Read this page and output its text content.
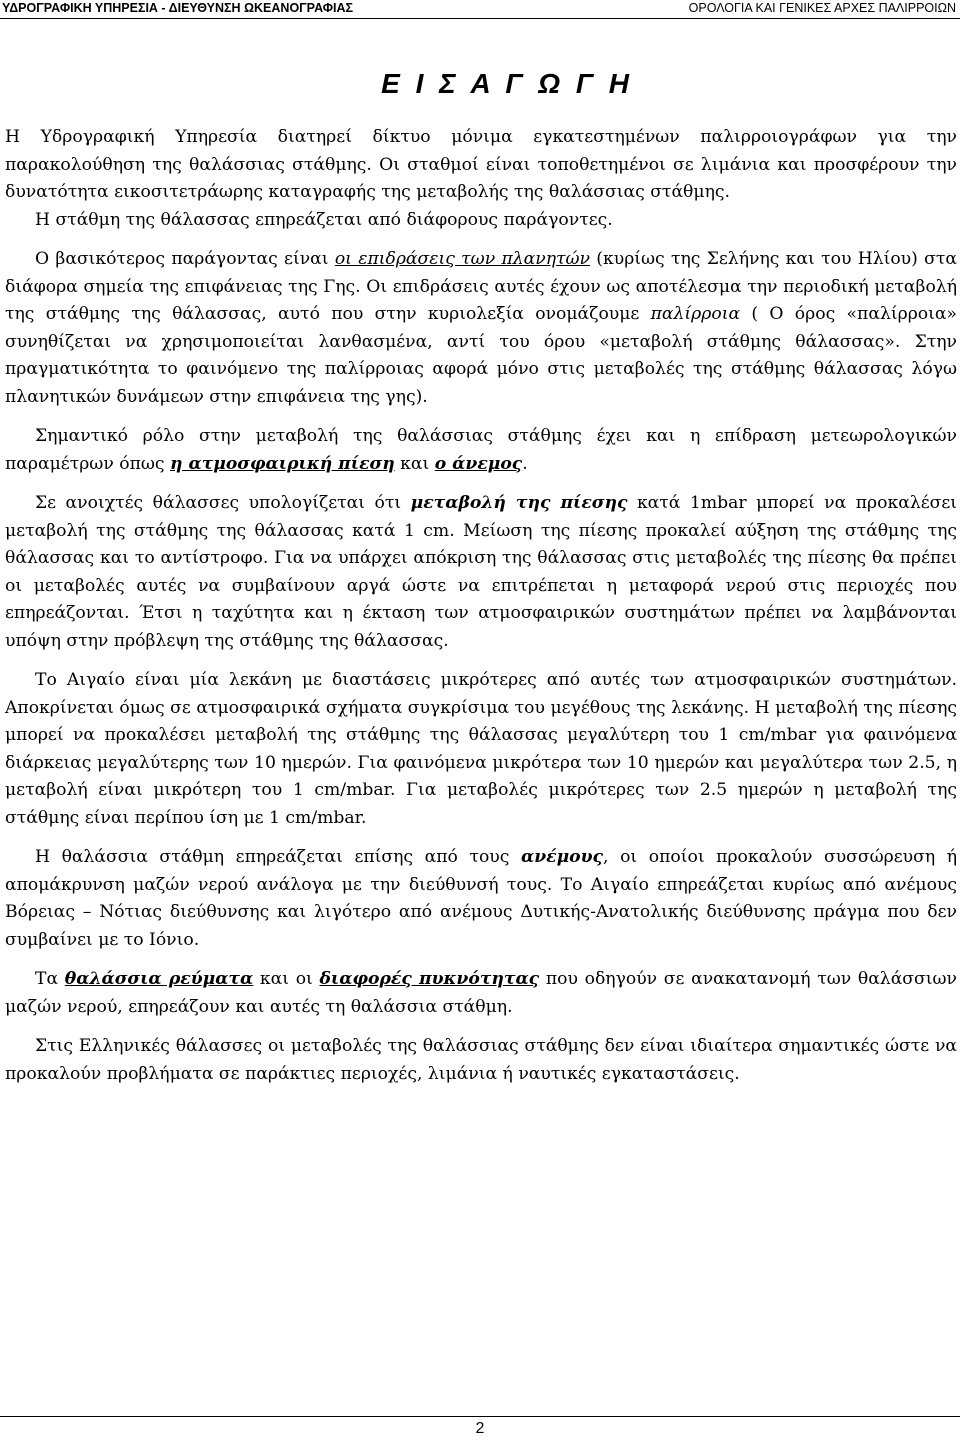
ΥΔΡΟΓΡΑΦΙΚΗ ΥΠΗΡΕΣΙΑ - ΔΙΕΥΘΥΝΣΗ ΩΚΕΑΝΟΓΡΑΦΙΑΣ	ΟΡΟΛΟΓΙΑ ΚΑΙ ΓΕΝΙΚΕΣ ΑΡΧΕΣ ΠΑΛΙΡΡΟΙΩΝ
Ε Ι Σ Α Γ Ω Γ Η

Η Υδρογραφική Υπηρεσία διατηρεί δίκτυο μόνιμα εγκατεστημένων παλιρροιογράφων για την παρακολούθηση της θαλάσσιας στάθμης. Οι σταθμοί είναι τοποθετημένοι σε λιμάνια και προσφέρουν την δυνατότητα εικοσιτετράωρης καταγραφής της μεταβολής της θαλάσσιας στάθμης.

Η στάθμη της θάλασσας επηρεάζεται από διάφορους παράγοντες.

Ο βασικότερος παράγοντας είναι οι επιδράσεις των πλανητών (κυρίως της Σελήνης και του Ηλίου) στα διάφορα σημεία της επιφάνειας της Γης. Οι επιδράσεις αυτές έχουν ως αποτέλεσμα την περιοδική μεταβολή της στάθμης της θάλασσας, αυτό που στην κυριολεξία ονομάζουμε παλίρροια ( Ο όρος «παλίρροια» συνηθίζεται να χρησιμοποιείται λανθασμένα, αντί του όρου «μεταβολή στάθμης θάλασσας». Στην πραγματικότητα το φαινόμενο της παλίρροιας αφορά μόνο στις μεταβολές της στάθμης θάλασσας λόγω πλανητικών δυνάμεων στην επιφάνεια της γης).

Σημαντικό ρόλο στην μεταβολή της θαλάσσιας στάθμης έχει και η επίδραση μετεωρολογικών παραμέτρων όπως η ατμοσφαιρική πίεση και ο άνεμος.

Σε ανοιχτές θάλασσες υπολογίζεται ότι μεταβολή της πίεσης κατά 1mbar μπορεί να προκαλέσει μεταβολή της στάθμης της θάλασσας κατά 1 cm. Μείωση της πίεσης προκαλεί αύξηση της στάθμης της θάλασσας και το αντίστροφο. Για να υπάρχει απόκριση της θάλασσας στις μεταβολές της πίεσης θα πρέπει οι μεταβολές αυτές να συμβαίνουν αργά ώστε να επιτρέπεται η μεταφορά νερού στις περιοχές που επηρεάζονται. Έτσι η ταχύτητα και η έκταση των ατμοσφαιρικών συστημάτων πρέπει να λαμβάνονται υπόψη στην πρόβλεψη της στάθμης της θάλασσας.

Το Αιγαίο είναι μία λεκάνη με διαστάσεις μικρότερες από αυτές των ατμοσφαιρικών συστημάτων. Αποκρίνεται όμως σε ατμοσφαιρικά σχήματα συγκρίσιμα του μεγέθους της λεκάνης. Η μεταβολή της πίεσης μπορεί να προκαλέσει μεταβολή της στάθμης της θάλασσας μεγαλύτερη του 1 cm/mbar για φαινόμενα διάρκειας μεγαλύτερης των 10 ημερών. Για φαινόμενα μικρότερα των 10 ημερών και μεγαλύτερα των 2.5, η μεταβολή είναι μικρότερη του 1 cm/mbar. Για μεταβολές μικρότερες των 2.5 ημερών η μεταβολή της στάθμης είναι περίπου ίση με 1 cm/mbar.

Η θαλάσσια στάθμη επηρεάζεται επίσης από τους ανέμους, οι οποίοι προκαλούν συσσώρευση ή απομάκρυνση μαζών νερού ανάλογα με την διεύθυνσή τους. Το Αιγαίο επηρεάζεται κυρίως από ανέμους Βόρειας – Νότιας διεύθυνσης και λιγότερο από ανέμους Δυτικής-Ανατολικής διεύθυνσης πράγμα που δεν συμβαίνει με το Ιόνιο.

Τα θαλάσσια ρεύματα και οι διαφορές πυκνότητας που οδηγούν σε ανακατανομή των θαλάσσιων μαζών νερού, επηρεάζουν και αυτές τη θαλάσσια στάθμη.

Στις Ελληνικές θάλασσες οι μεταβολές της θαλάσσιας στάθμης δεν είναι ιδιαίτερα σημαντικές ώστε να προκαλούν προβλήματα σε παράκτιες περιοχές, λιμάνια ή ναυτικές εγκαταστάσεις.

2
